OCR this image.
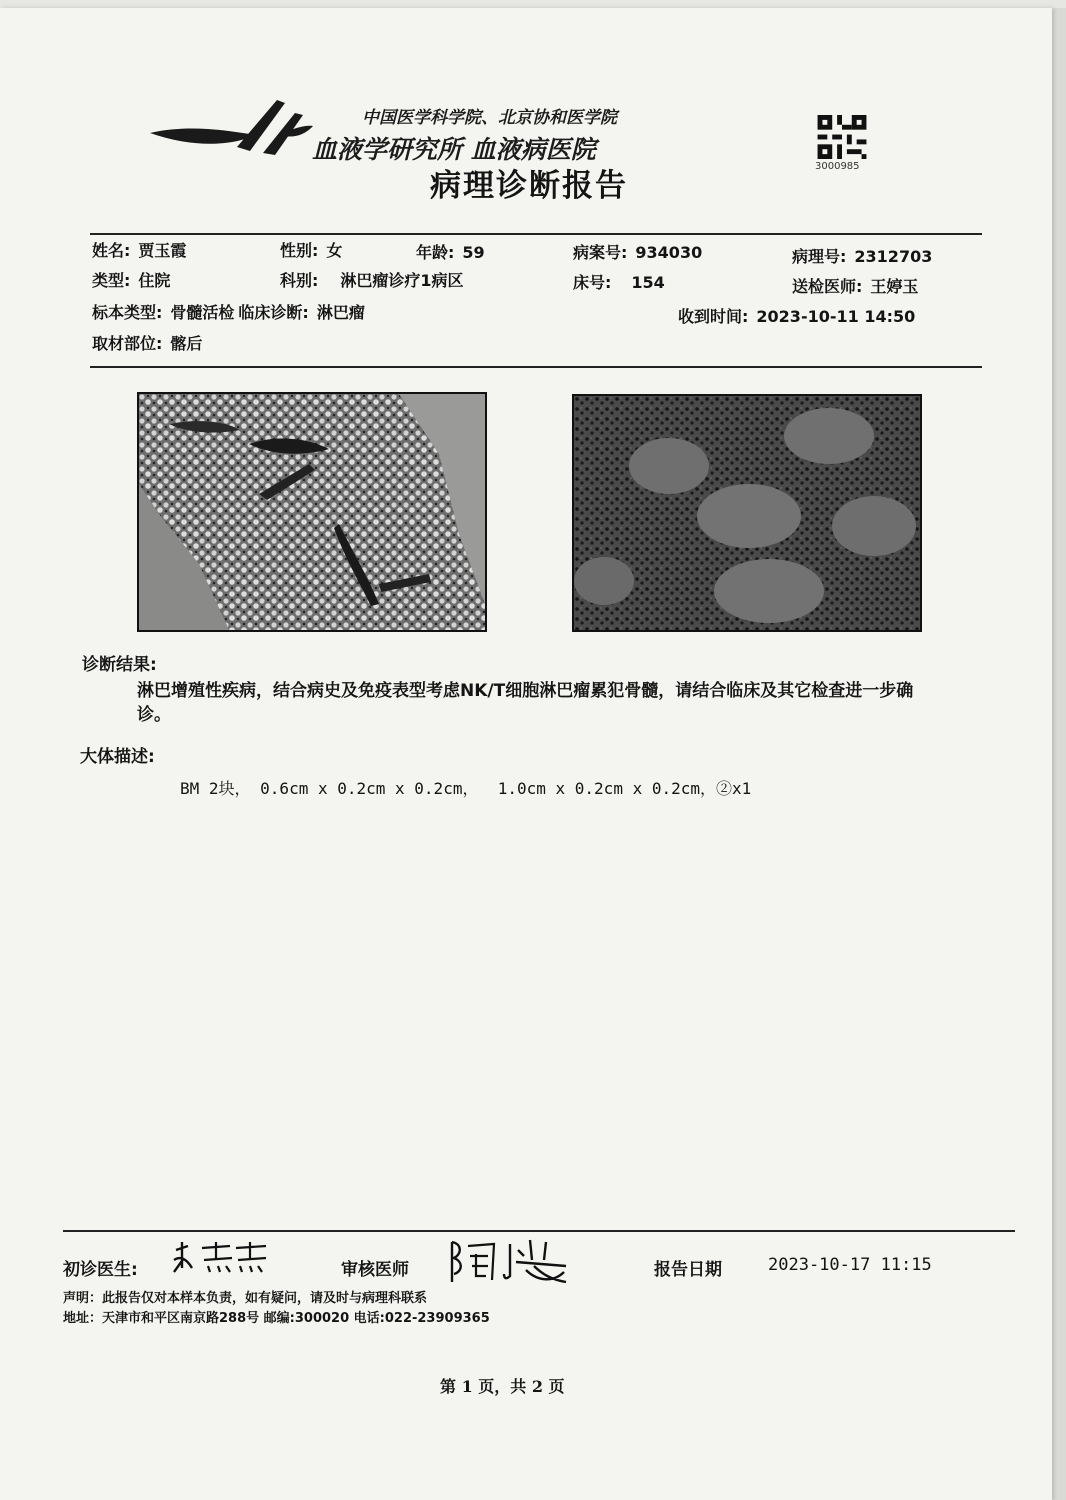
中国医学科学院、北京协和医学院
血液学研究所 血液病医院
病理诊断报告
3000985
姓名: 贾玉霞	性别: 女	年龄: 59	病案号: 934030	病理号: 2312703
类型: 住院	科别: 淋巴瘤诊疗1病区	床号: 154	送检医师: 王婷玉
标本类型: 骨髓活检 临床诊断: 淋巴瘤	收到时间: 2023-10-11 14:50
取材部位: 髂后
诊断结果:
淋巴增殖性疾病，结合病史及免疫表型考虑NK/T细胞淋巴瘤累犯骨髓，请结合临床及其它检查进一步确诊。
大体描述:
BM 2块， 0.6cm x 0.2cm x 0.2cm，  1.0cm x 0.2cm x 0.2cm，②x1
初诊医生:	审核医师	报告日期	2023-10-17 11:15
声明：此报告仅对本样本负责，如有疑问，请及时与病理科联系
地址：天津市和平区南京路288号 邮编:300020 电话:022-23909365
第 1 页，共 2 页
